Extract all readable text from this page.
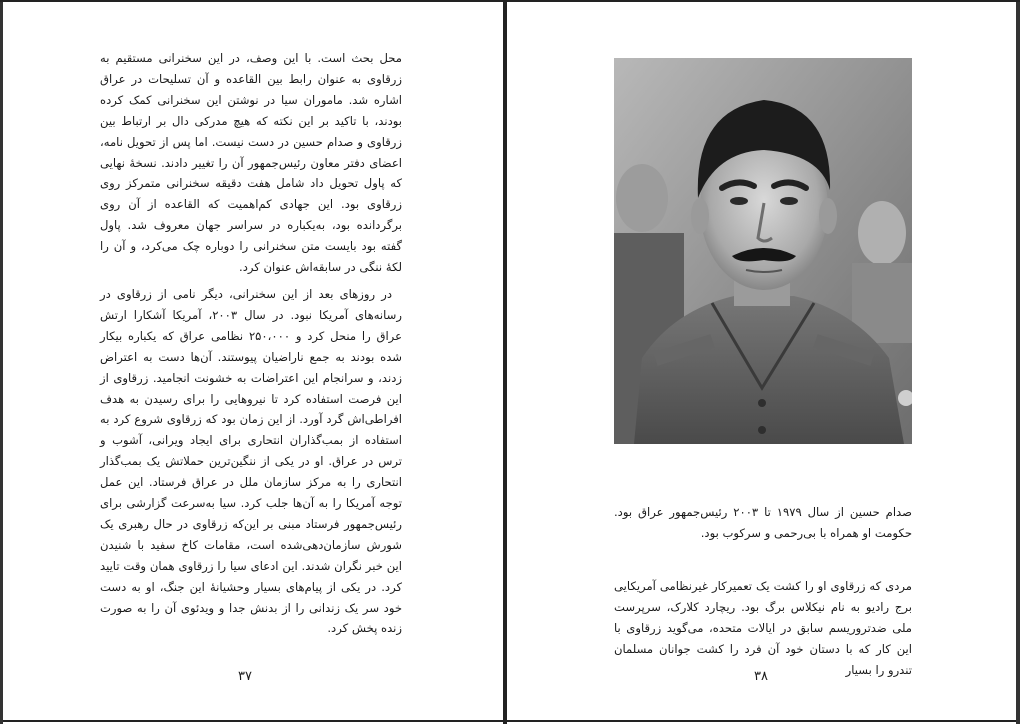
محل بحث است. با این وصف، در این سخنرانی مستقیم به زرقاوی به عنوان رابط بین القاعده و آن تسلیحات در عراق اشاره شد. ماموران سیا در نوشتن این سخنرانی کمک کرده بودند، با تاکید بر این نکته که هیچ مدرکی دال بر ارتباط بین زرقاوی و صدام حسین در دست نیست. اما پس از تحویل نامه، اعضای دفتر معاون رئیس‌جمهور آن را تغییر دادند. نسخهٔ نهایی که پاول تحویل داد شامل هفت دقیقه سخنرانی متمرکز روی زرقاوی بود. این جهادی کم‌اهمیت که القاعده از آن روی برگردانده بود، به‌یکباره در سراسر جهان معروف شد. پاول گفته بود بایست متن سخنرانی را دوباره چک می‌کرد، و آن را لکهٔ ننگی در سابقه‌اش عنوان کرد.

در روزهای بعد از این سخنرانی، دیگر نامی از زرقاوی در رسانه‌های آمریکا نبود. در سال ۲۰۰۳، آمریکا آشکارا ارتش عراق را منحل کرد و ۲۵۰،۰۰۰ نظامی عراق که یکباره بیکار شده بودند به جمع ناراضیان پیوستند. آن‌ها دست به اعتراض زدند، و سرانجام این اعتراضات به خشونت انجامید. زرقاوی از این فرصت استفاده کرد تا نیروهایی را برای رسیدن به هدف افراطی‌اش گرد آورد. از این زمان بود که زرقاوی شروع کرد به استفاده از بمب‌گذاران انتحاری برای ایجاد ویرانی، آشوب و ترس در عراق. او در یکی از ننگین‌ترین حملاتش یک بمب‌گذار انتحاری را به مرکز سازمان ملل در عراق فرستاد. این عمل توجه آمریکا را به آن‌ها جلب کرد. سیا به‌سرعت گزارشی برای رئیس‌جمهور فرستاد مبنی بر این‌که زرقاوی در حال رهبری یک شورش سازمان‌دهی‌شده است، مقامات کاخ سفید با شنیدن این خبر نگران شدند. این ادعای سیا را زرقاوی همان وقت تایید کرد. در یکی از پیام‌های بسیار وحشیانهٔ این جنگ، او به دست خود سر یک زندانی را از بدنش جدا و ویدئوی آن را به صورت زنده پخش کرد.

۳۷
صدام حسین از سال ۱۹۷۹ تا ۲۰۰۳ رئیس‌جمهور عراق بود. حکومت او همراه با بی‌رحمی و سرکوب بود.
مردی که زرقاوی او را کشت یک تعمیرکار غیرنظامی آمریکایی برج رادیو به نام نیکلاس برگ بود. ریچارد کلارک، سرپرست ملی ضدتروریسم سابق در ایالات متحده، می‌گوید زرقاوی با این کار که با دستان خود آن فرد را کشت جوانان مسلمان تندرو را بسیار
۳۸
